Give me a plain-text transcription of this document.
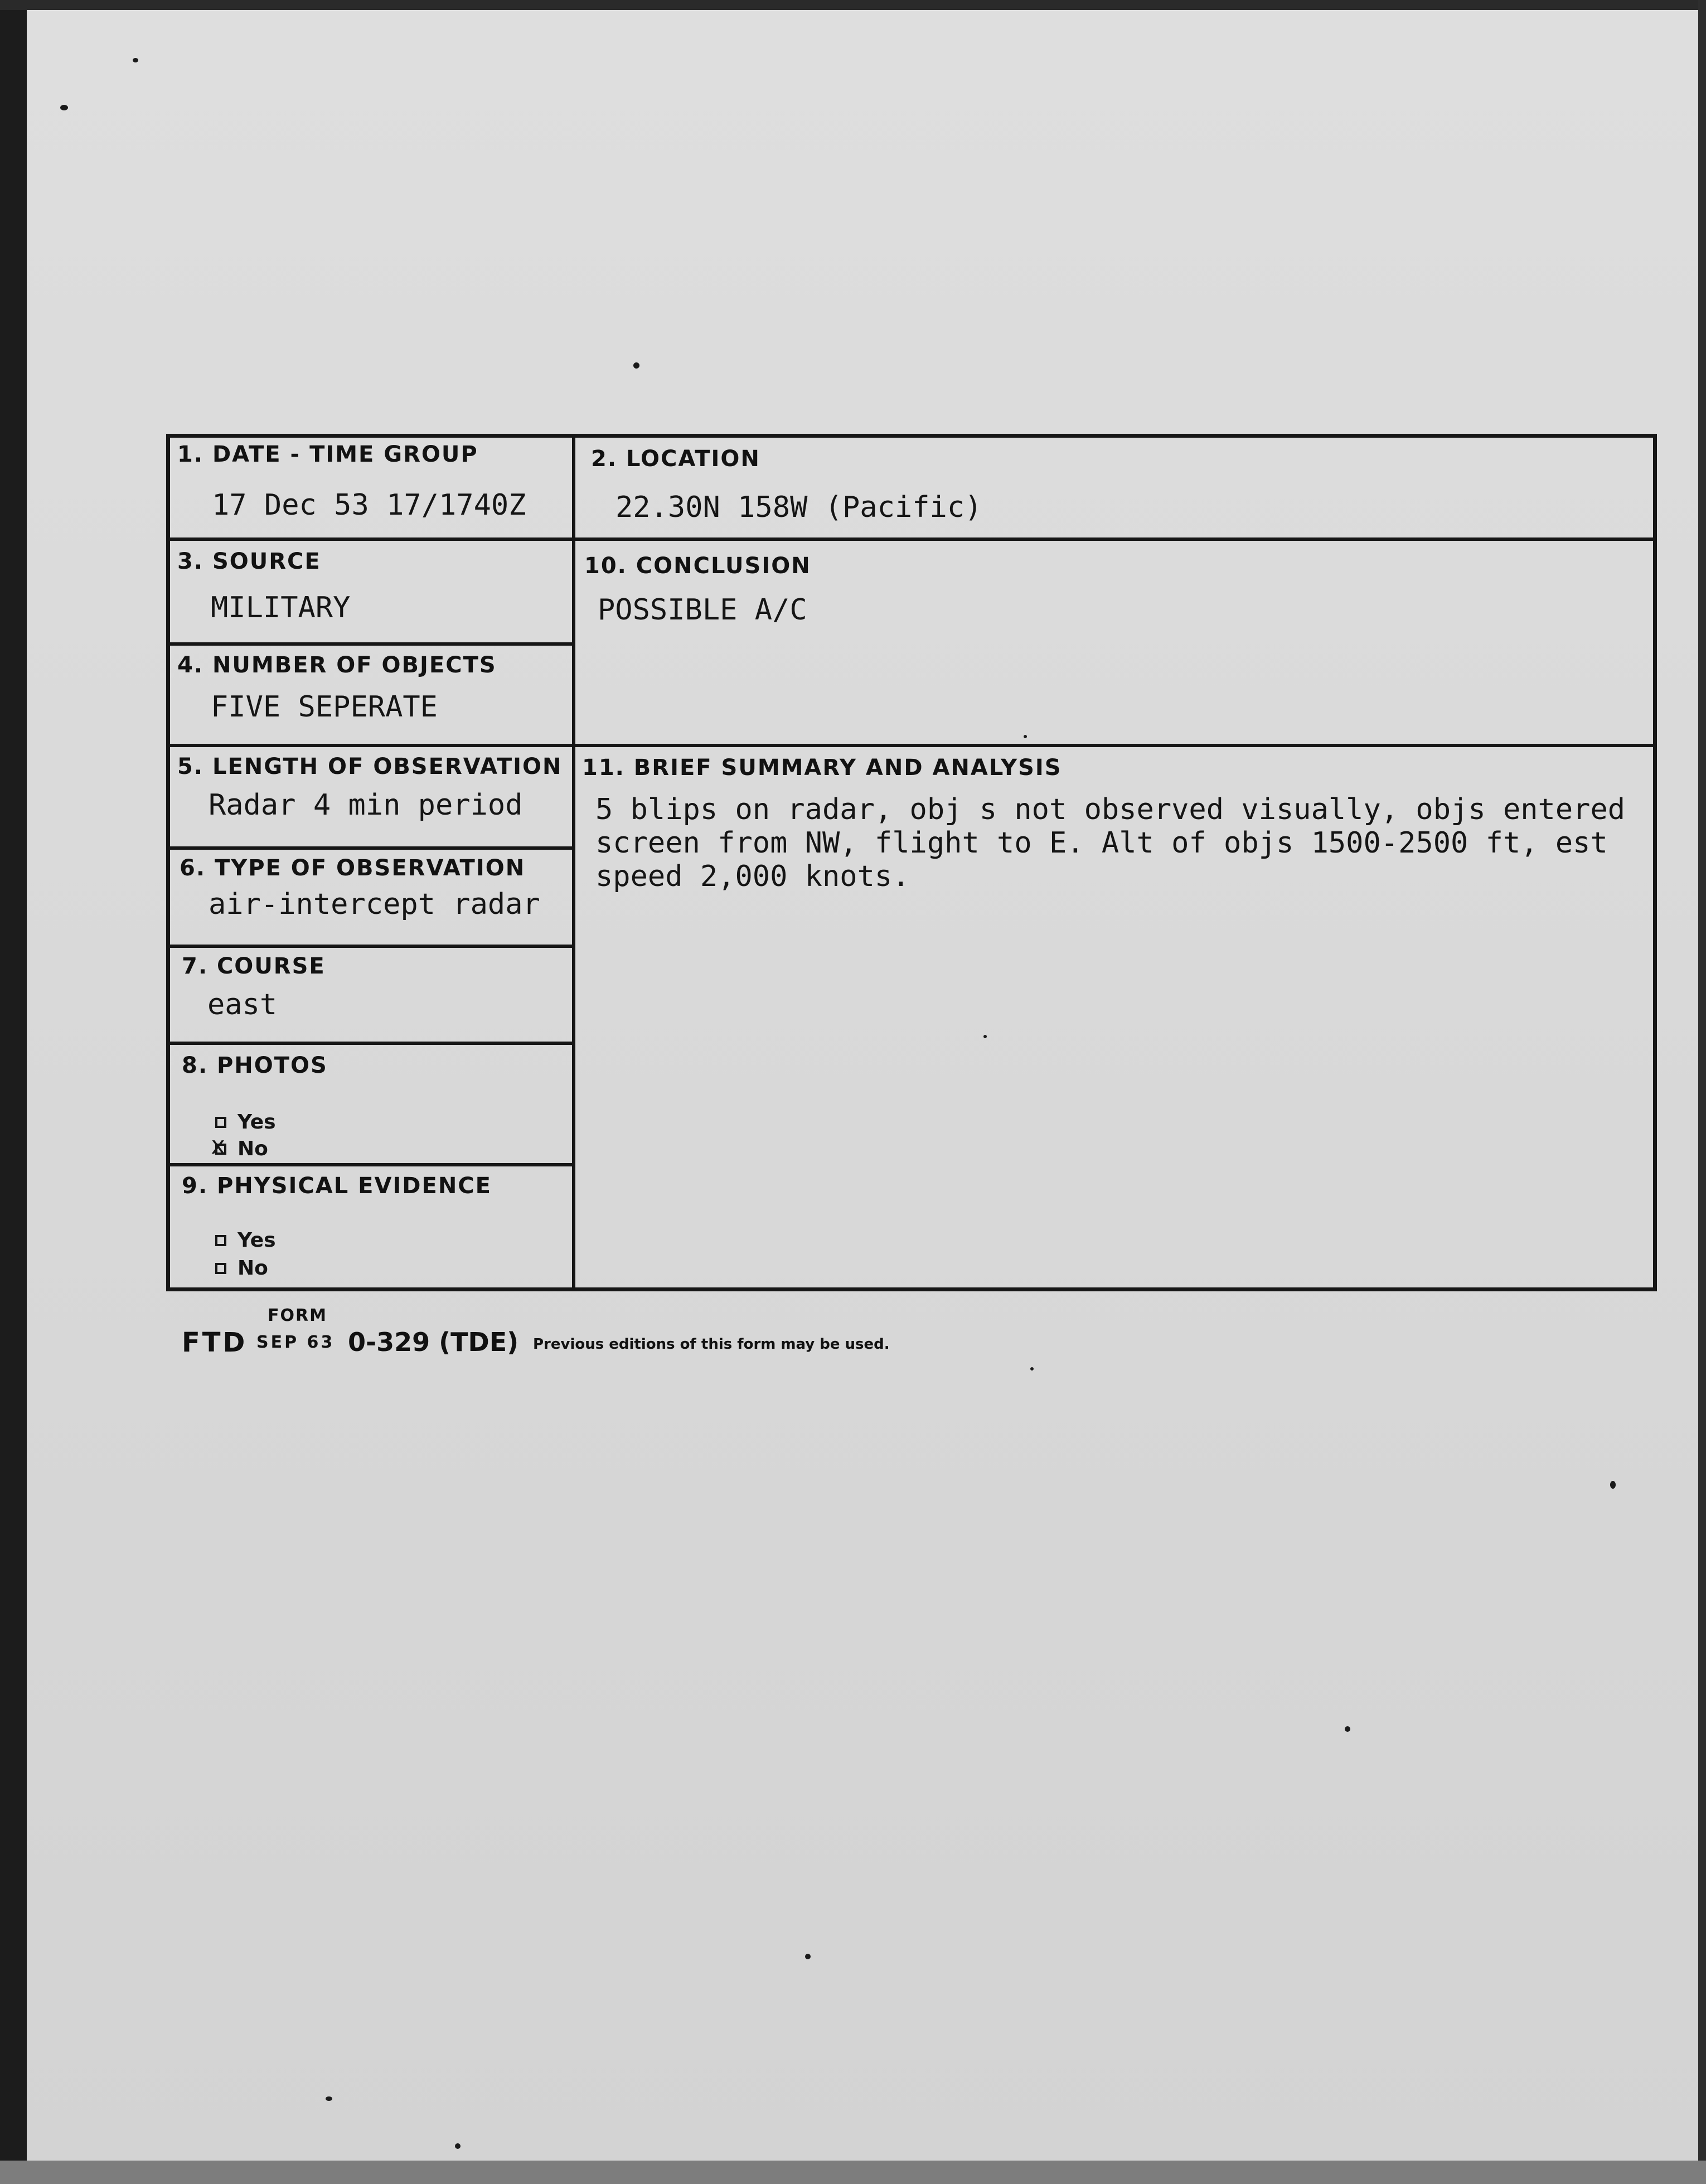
1. DATE - TIME GROUP
17 Dec 53 17/1740Z
2. LOCATION
22.30N 158W (Pacific)
3. SOURCE
MILITARY
10. CONCLUSION
POSSIBLE A/C
4. NUMBER OF OBJECTS
FIVE SEPERATE
5. LENGTH OF OBSERVATION
Radar 4 min period
11. BRIEF SUMMARY AND ANALYSIS
5 blips on radar, obj s not observed visually, objs entered
screen from NW, flight to E. Alt of objs 1500-2500 ft, est
speed 2,000 knots.
6. TYPE OF OBSERVATION
air-intercept radar
7. COURSE
east
8. PHOTOS
Yes
x No
9. PHYSICAL EVIDENCE
Yes
No
FORM
FTD SEP 63 0-329 (TDE) Previous editions of this form may be used.
